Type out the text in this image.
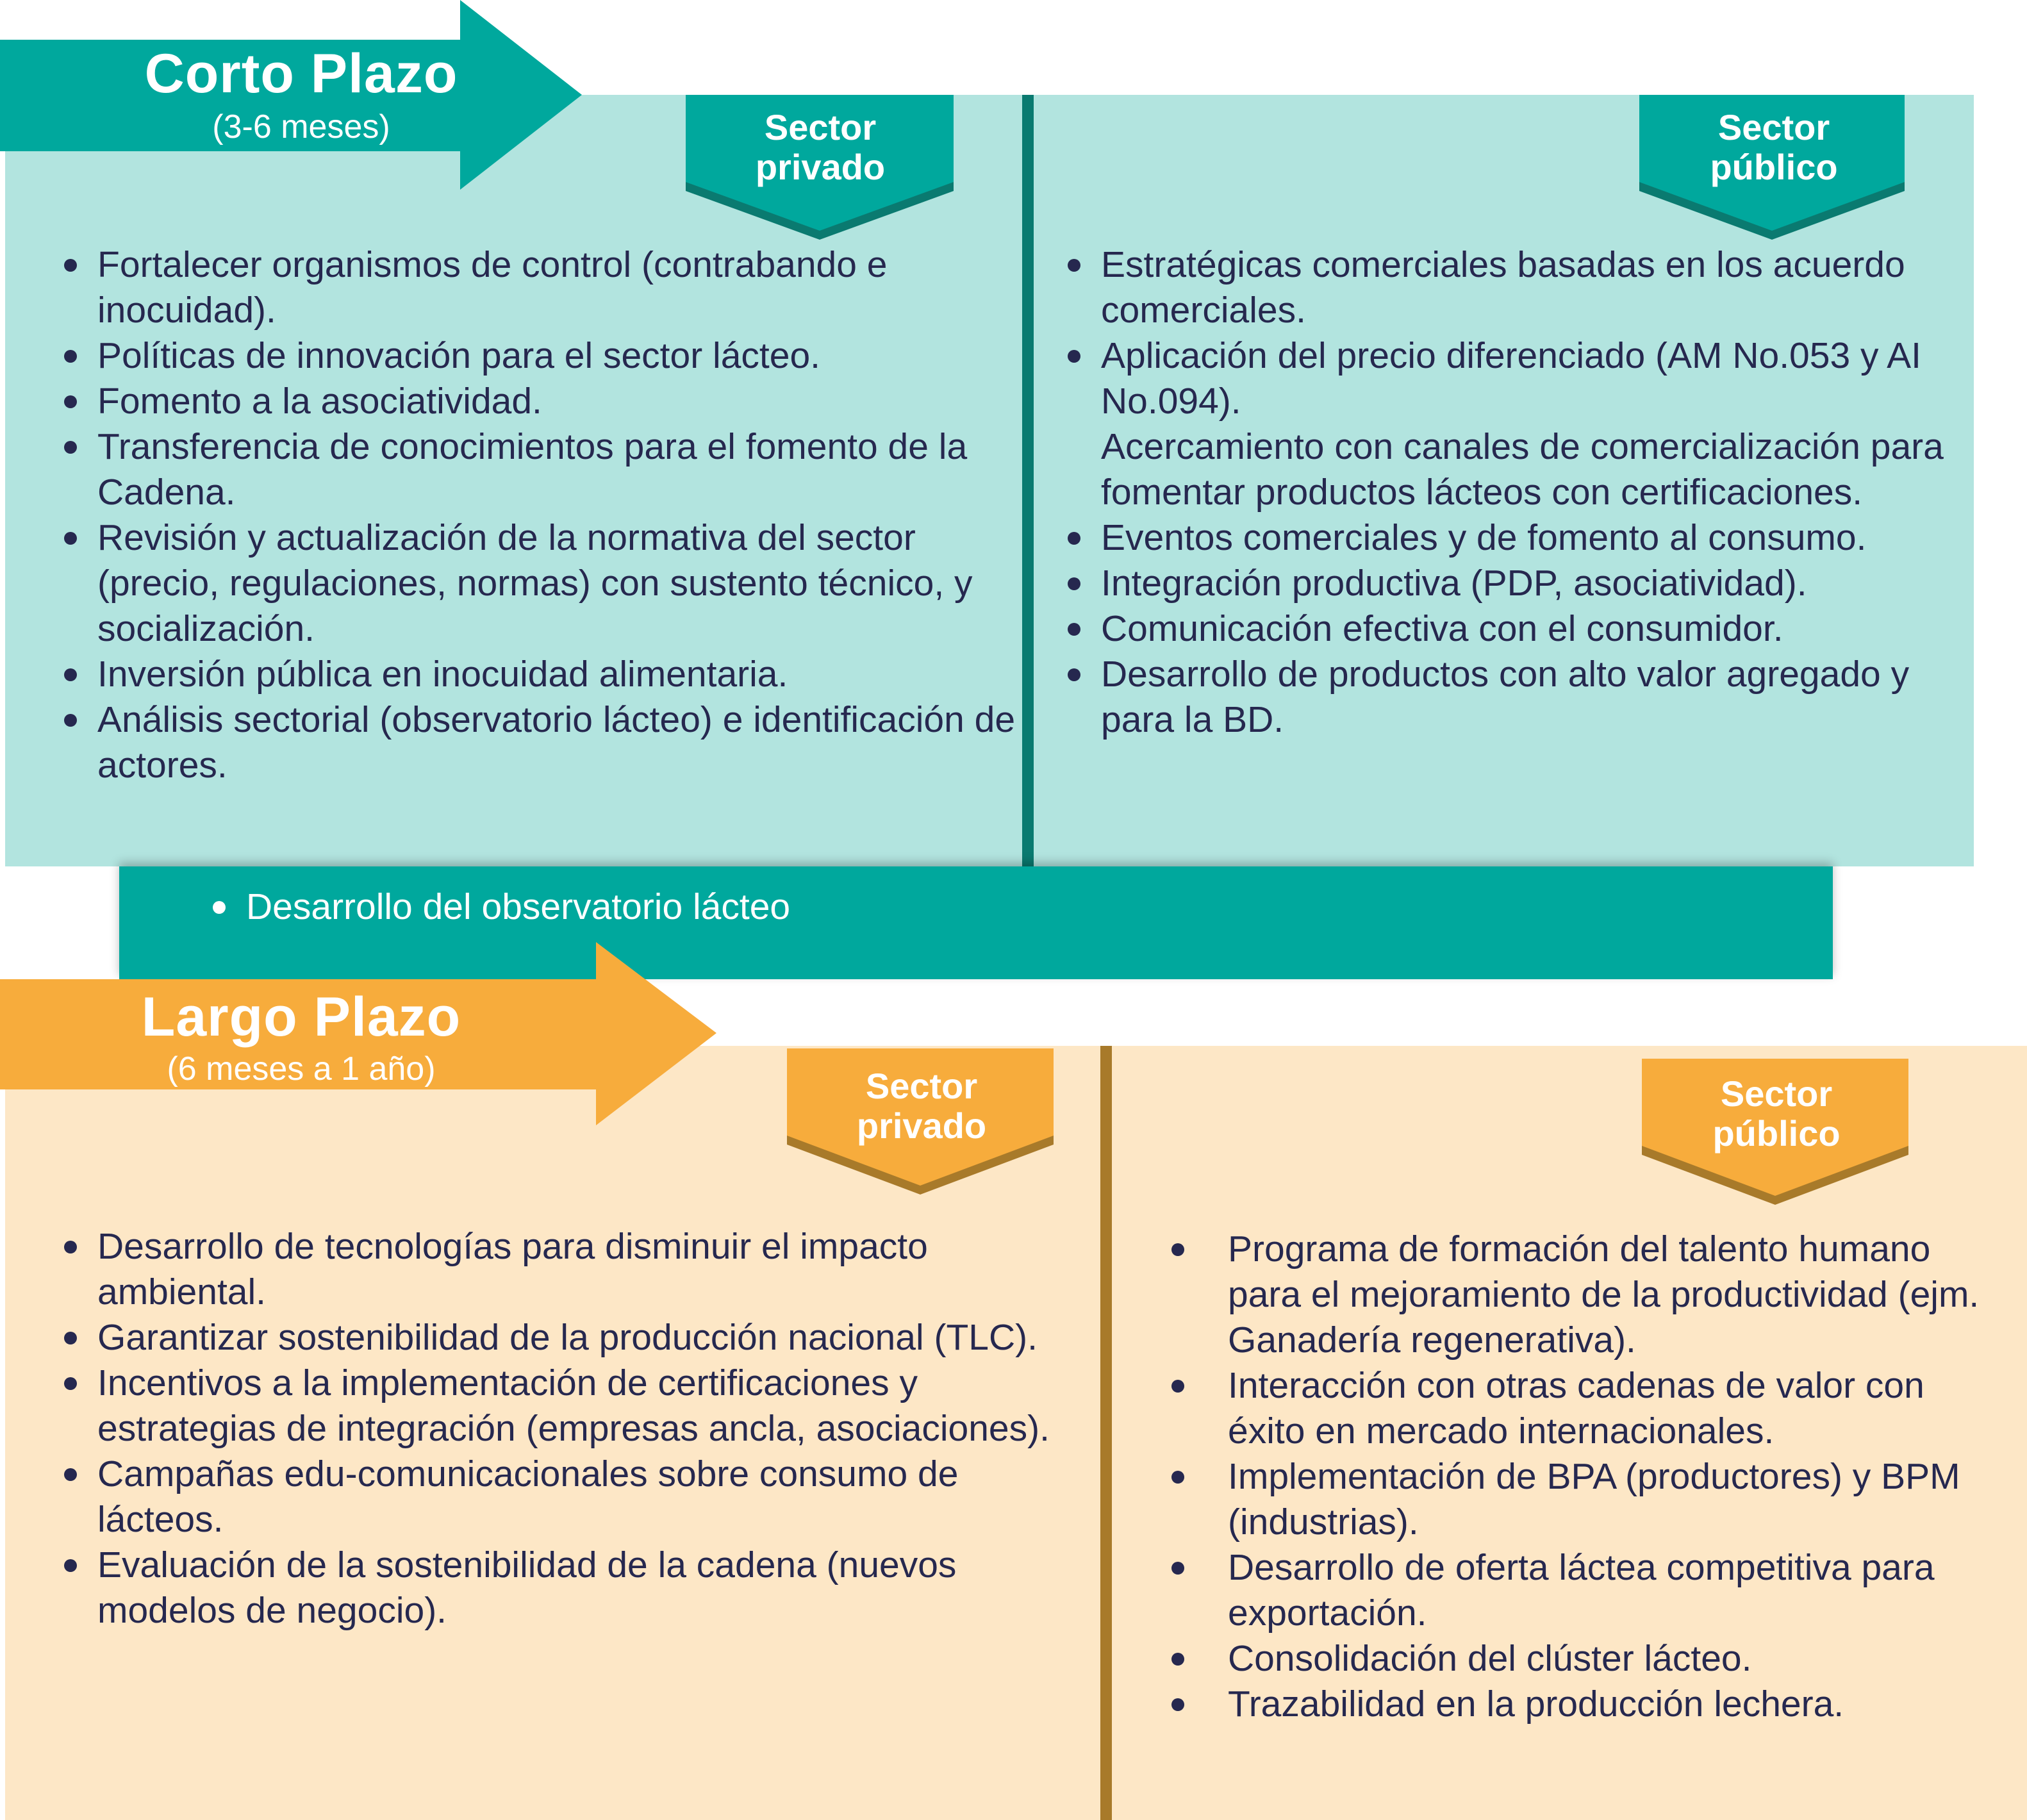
Corto Plazo
(3-6 meses)	Sector
privado
Sector
público
Fortalecer organismos de control (contrabando e inocuidad).
Políticas de innovación para el sector lácteo.
Fomento a la asociatividad.
Transferencia de conocimientos para el fomento de la Cadena.
Revisión y actualización de la normativa del sector (precio, regulaciones, normas) con sustento técnico, y socialización.
Inversión pública en inocuidad alimentaria.
Análisis sectorial (observatorio lácteo) e identificación de actores.
Estratégicas comerciales basadas en los acuerdo comerciales.
Aplicación del precio diferenciado (AM No.053 y AI No.094).
Acercamiento con canales de comercialización para fomentar productos lácteos con certificaciones.
Eventos comerciales y de fomento al consumo.
Integración productiva (PDP, asociatividad).
Comunicación efectiva con el consumidor.
Desarrollo de productos con alto valor agregado y para la BD.
Desarrollo del observatorio lácteo
Largo Plazo
(6 meses a 1 año)	Sector
privado
Sector
público
Desarrollo de tecnologías para disminuir el impacto ambiental.
Garantizar sostenibilidad de la producción nacional (TLC).
Incentivos a la implementación de certificaciones y estrategias de integración (empresas ancla, asociaciones).
Campañas edu-comunicacionales sobre consumo de lácteos.
Evaluación de la sostenibilidad de la cadena (nuevos modelos de negocio).
Programa de formación del talento humano para el mejoramiento de la productividad (ejm. Ganadería regenerativa).
Interacción con otras cadenas de valor con éxito en mercado internacionales.
Implementación de BPA (productores) y BPM (industrias).
Desarrollo de oferta láctea competitiva para exportación.
Consolidación del clúster lácteo.
Trazabilidad en la producción lechera.
